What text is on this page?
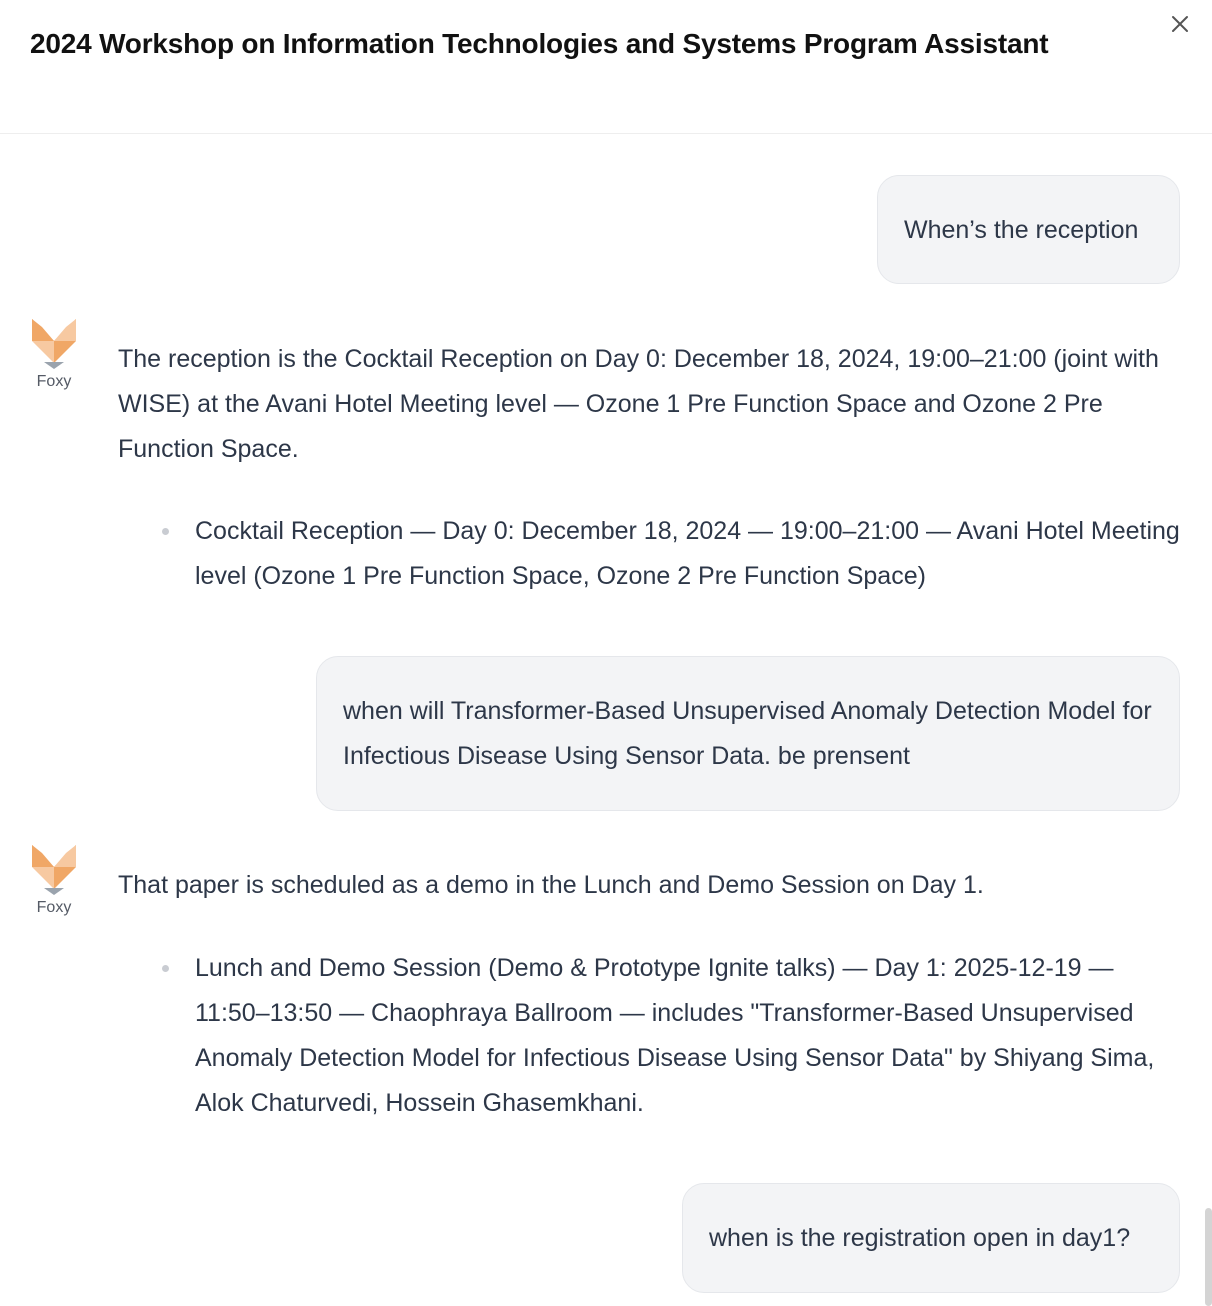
2024 Workshop on Information Technologies and Systems Program Assistant
When’s the reception
Foxy
The reception is the Cocktail Reception on Day 0: December 18, 2024, 19:00–21:00 (joint with WISE) at the Avani Hotel Meeting level — Ozone 1 Pre Function Space and Ozone 2 Pre Function Space.
Cocktail Reception — Day 0: December 18, 2024 — 19:00–21:00 — Avani Hotel Meeting level (Ozone 1 Pre Function Space, Ozone 2 Pre Function Space)
when will Transformer-Based Unsupervised Anomaly Detection Model for Infectious Disease Using Sensor Data. be prensent
Foxy
That paper is scheduled as a demo in the Lunch and Demo Session on Day 1.
Lunch and Demo Session (Demo & Prototype Ignite talks) — Day 1: 2025-12-19 — 11:50–13:50 — Chaophraya Ballroom — includes "Transformer-Based Unsupervised Anomaly Detection Model for Infectious Disease Using Sensor Data" by Shiyang Sima, Alok Chaturvedi, Hossein Ghasemkhani.
when is the registration open in day1?
